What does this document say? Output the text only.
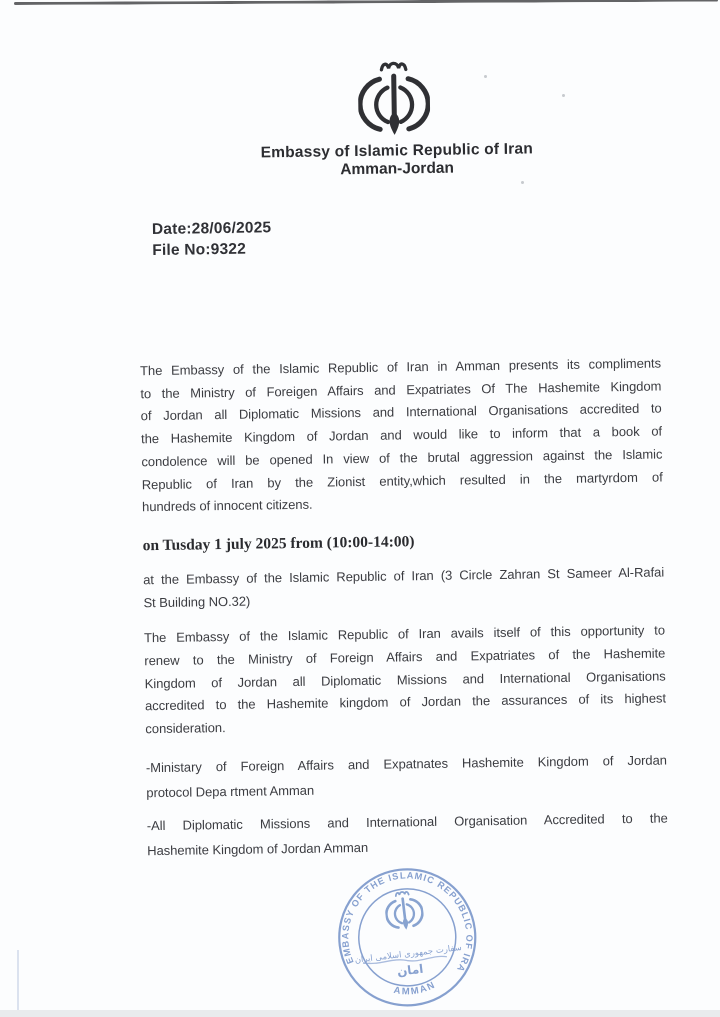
Embassy of Islamic Republic of Iran
Amman-Jordan
Date:28/06/2025
File No:9322
The Embassy of the Islamic Republic of Iran in Amman presents its compliments
to the Ministry of Foreigen Affairs and Expatriates Of The Hashemite Kingdom
of Jordan all Diplomatic Missions and International Organisations accredited to
the Hashemite Kingdom of Jordan and would like to inform that a book of
condolence will be opened In view of the brutal aggression against the Islamic
Republic of Iran by the Zionist entity,which resulted in the martyrdom of
hundreds of innocent citizens.
on Tusday 1 july 2025 from (10:00-14:00)
at the Embassy of the Islamic Republic of Iran (3 Circle Zahran St Sameer Al-Rafai
St Building NO.32)
The Embassy of the Islamic Republic of Iran avails itself of this opportunity to
renew to the Ministry of Foreign Affairs and Expatriates of the Hashemite
Kingdom of Jordan all Diplomatic Missions and International Organisations
accredited to the Hashemite kingdom of Jordan the assurances of its highest
consideration.
-Ministary of Foreign Affairs and Expatnates Hashemite Kingdom of Jordan
protocol Depa rtment Amman
-All Diplomatic Missions and International Organisation Accredited to the
Hashemite Kingdom of Jordan Amman
EMBASSY OF THE ISLAMIC REPUBLIC OF IRAN
AMMAN
سفارت جمهوری اسلامی ایران
امان
